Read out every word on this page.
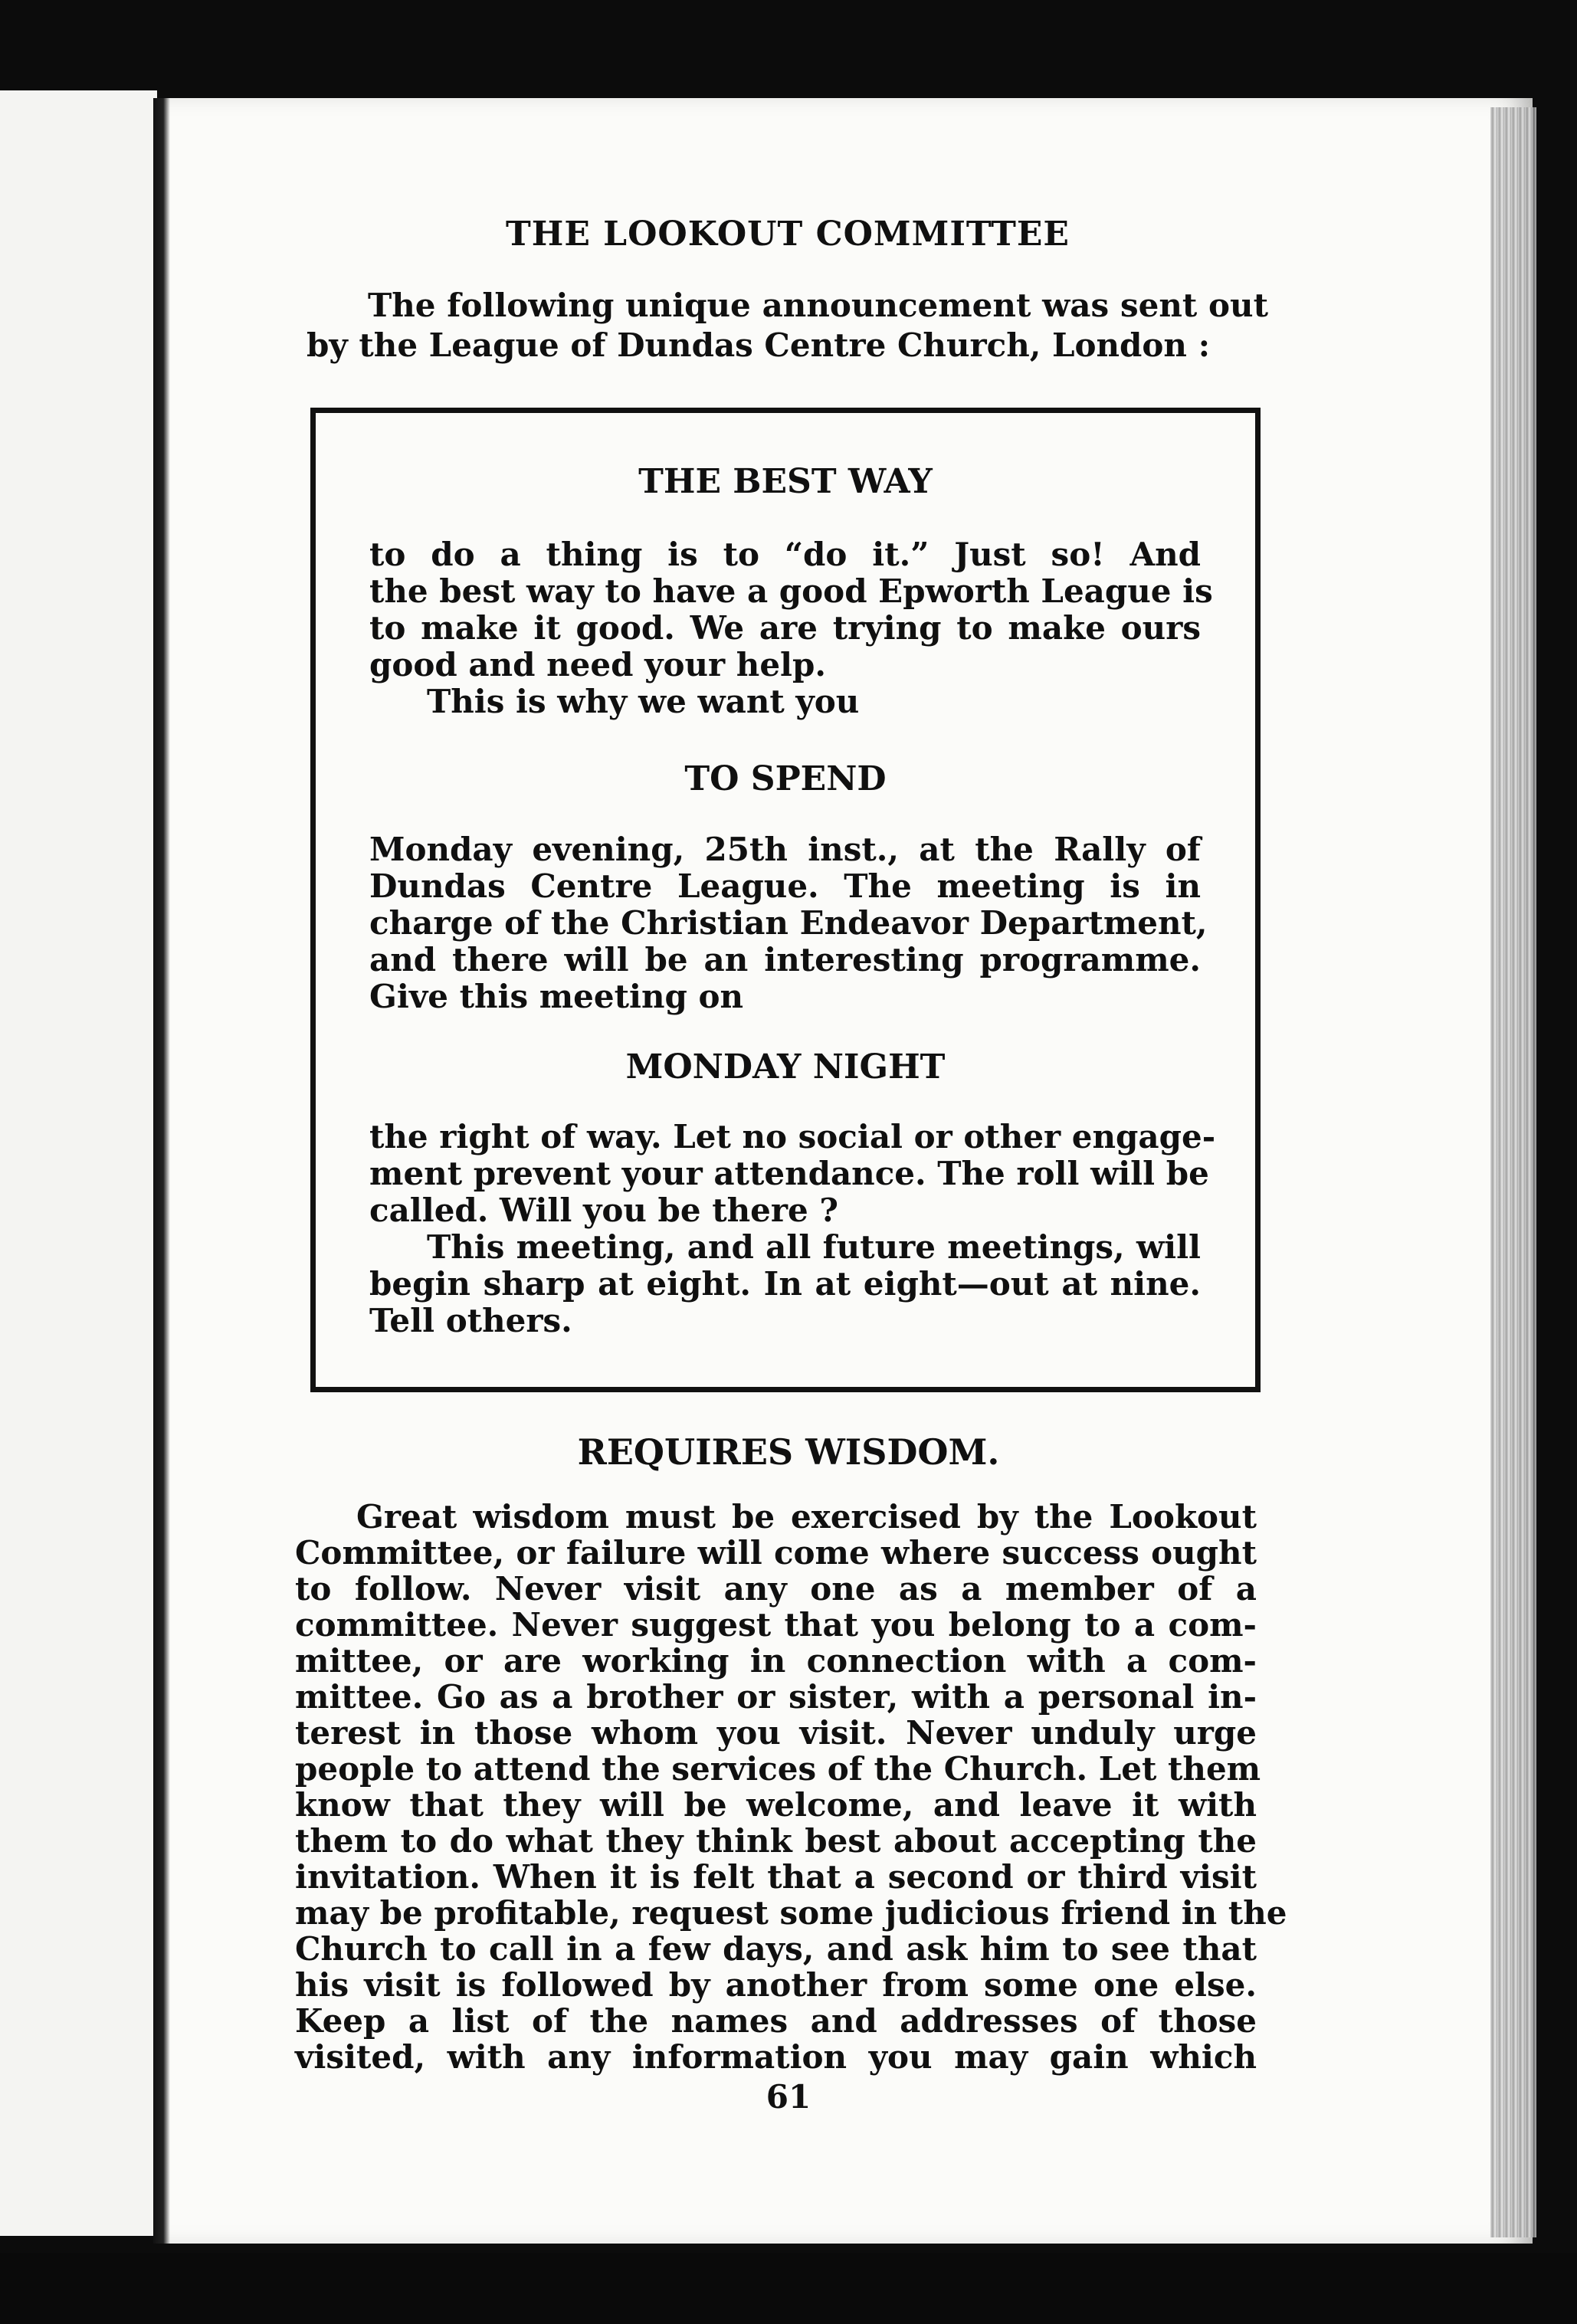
THE LOOKOUT COMMITTEE
The following unique announcement was sent out
by the League of Dundas Centre Church, London :
THE BEST WAY
to do a thing is to “do it.” Just so! And
the best way to have a good Epworth League is
to make it good. We are trying to make ours
good and need your help.
This is why we want you
TO SPEND
Monday evening, 25th inst., at the Rally of
Dundas Centre League. The meeting is in
charge of the Christian Endeavor Department,
and there will be an interesting programme.
Give this meeting on
MONDAY NIGHT
the right of way. Let no social or other engage-
ment prevent your attendance. The roll will be
called. Will you be there ?
This meeting, and all future meetings, will
begin sharp at eight. In at eight—out at nine.
Tell others.
REQUIRES WISDOM.
Great wisdom must be exercised by the Lookout
Committee, or failure will come where success ought
to follow. Never visit any one as a member of a
committee. Never suggest that you belong to a com-
mittee, or are working in connection with a com-
mittee. Go as a brother or sister, with a personal in-
terest in those whom you visit. Never unduly urge
people to attend the services of the Church. Let them
know that they will be welcome, and leave it with
them to do what they think best about accepting the
invitation. When it is felt that a second or third visit
may be profitable, request some judicious friend in the
Church to call in a few days, and ask him to see that
his visit is followed by another from some one else.
Keep a list of the names and addresses of those
visited, with any information you may gain which
61
